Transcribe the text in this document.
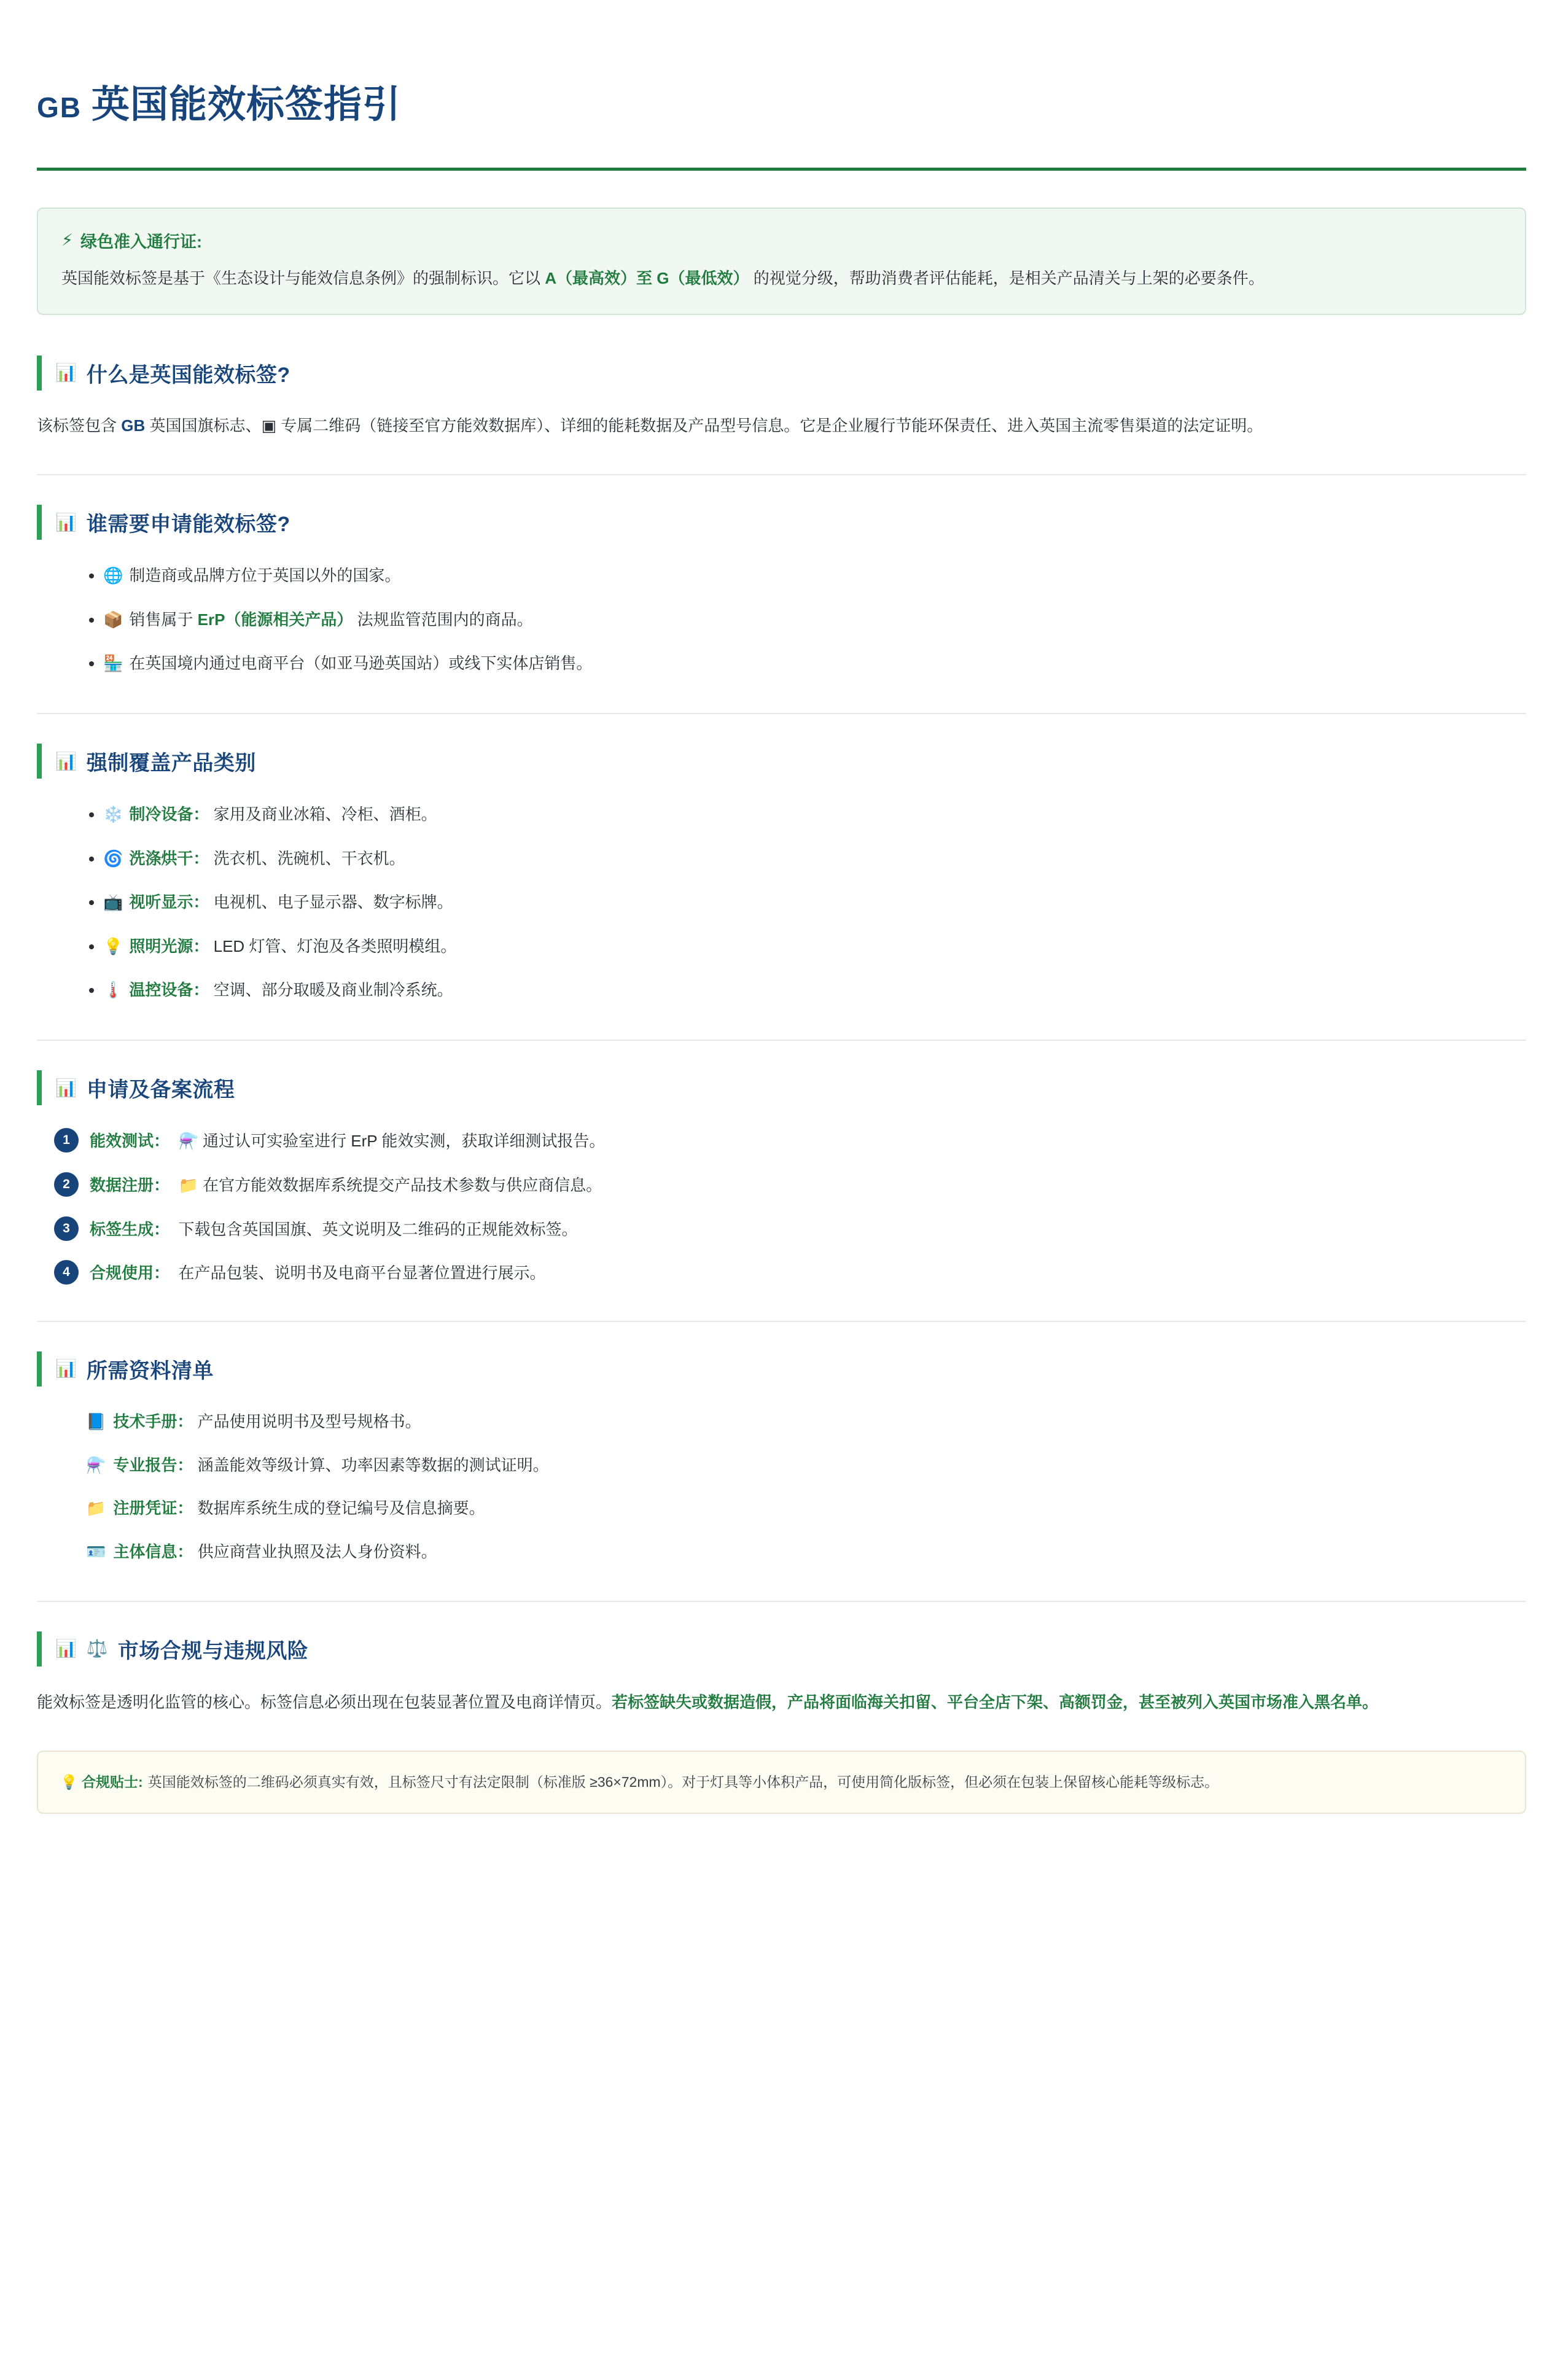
GB 英国能效标签指引
⚡ 绿色准入通行证:
英国能效标签是基于《生态设计与能效信息条例》的强制标识。它以 A（最高效）至 G（最低效） 的视觉分级，帮助消费者评估能耗，是相关产品清关与上架的必要条件。
📊 什么是英国能效标签?
该标签包含 GB 英国国旗标志、▣ 专属二维码（链接至官方能效数据库）、详细的能耗数据及产品型号信息。它是企业履行节能环保责任、进入英国主流零售渠道的法定证明。
📊 谁需要申请能效标签?
• 🌐 制造商或品牌方位于英国以外的国家。
• 📦 销售属于 ErP（能源相关产品） 法规监管范围内的商品。
• 🏪 在英国境内通过电商平台（如亚马逊英国站）或线下实体店销售。
📊 强制覆盖产品类别
• ❄️ 制冷设备： 家用及商业冰箱、冷柜、酒柜。
• 🌀 洗涤烘干： 洗衣机、洗碗机、干衣机。
• 📺 视听显示： 电视机、电子显示器、数字标牌。
• 💡 照明光源： LED 灯管、灯泡及各类照明模组。
• 🌡️ 温控设备： 空调、部分取暖及商业制冷系统。
📊 申请及备案流程
1	能效测试： ⚗️ 通过认可实验室进行 ErP 能效实测，获取详细测试报告。
2	数据注册： 📁 在官方能效数据库系统提交产品技术参数与供应商信息。
3	标签生成： 下载包含英国国旗、英文说明及二维码的正规能效标签。
4	合规使用： 在产品包装、说明书及电商平台显著位置进行展示。
📊 所需资料清单
📘 技术手册： 产品使用说明书及型号规格书。
⚗️ 专业报告： 涵盖能效等级计算、功率因素等数据的测试证明。
📁 注册凭证： 数据库系统生成的登记编号及信息摘要。
🪪 主体信息： 供应商营业执照及法人身份资料。
📊 ⚖️ 市场合规与违规风险
能效标签是透明化监管的核心。标签信息必须出现在包装显著位置及电商详情页。若标签缺失或数据造假，产品将面临海关扣留、平台全店下架、高额罚金，甚至被列入英国市场准入黑名单。
💡 合规贴士: 英国能效标签的二维码必须真实有效，且标签尺寸有法定限制（标准版 ≥36×72mm）。对于灯具等小体积产品，可使用简化版标签，但必须在包装上保留核心能耗等级标志。
